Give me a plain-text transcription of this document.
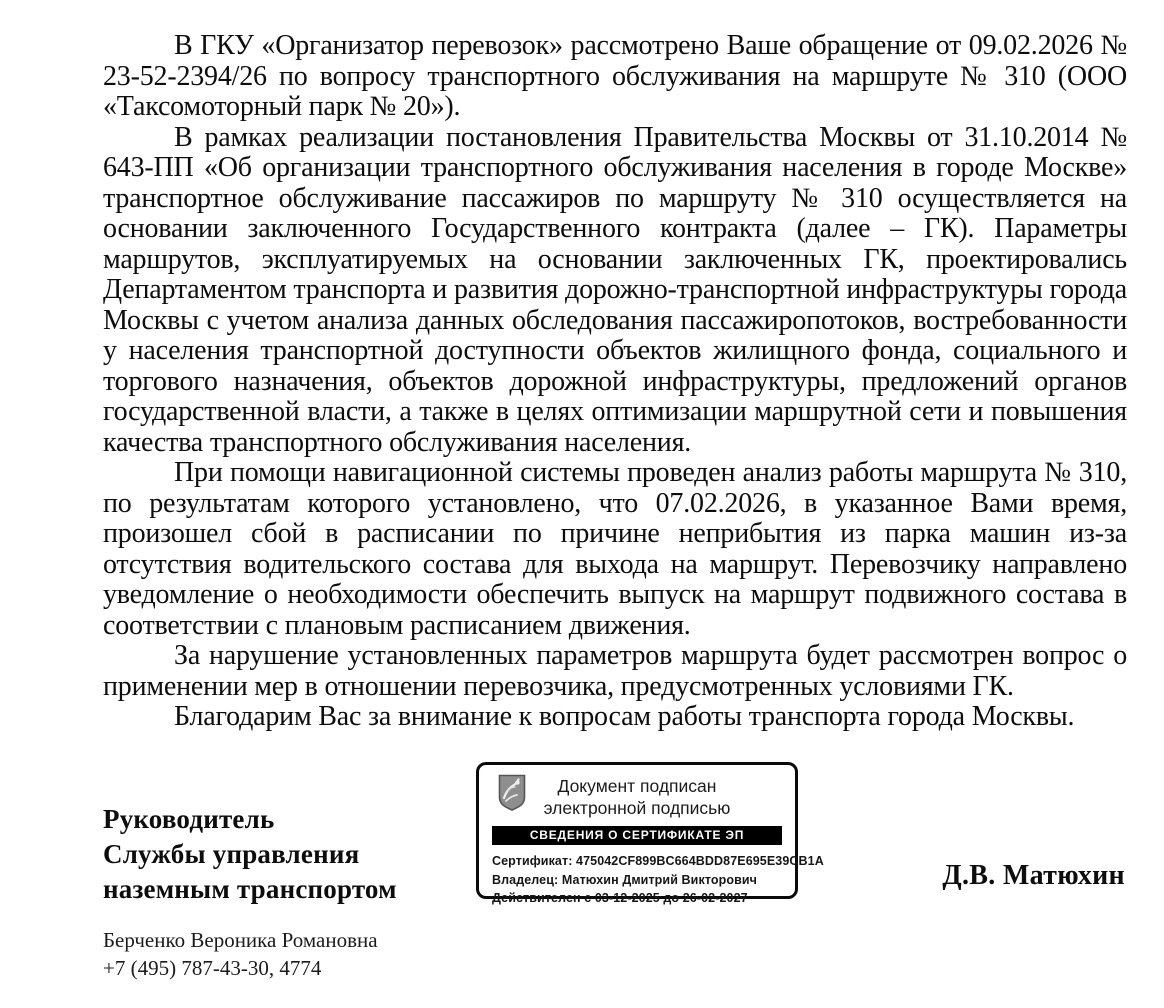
В ГКУ «Организатор перевозок» рассмотрено Ваше обращение от 09.02.2026 № 23-52-2394/26 по вопросу транспортного обслуживания на маршруте № 310 (ООО «Таксомоторный парк № 20»).

В рамках реализации постановления Правительства Москвы от 31.10.2014 № 643-ПП «Об организации транспортного обслуживания населения в городе Москве» транспортное обслуживание пассажиров по маршруту № 310 осуществляется на основании заключенного Государственного контракта (далее – ГК). Параметры маршрутов, эксплуатируемых на основании заключенных ГК, проектировались Департаментом транспорта и развития дорожно-транспортной инфраструктуры города Москвы с учетом анализа данных обследования пассажиропотоков, востребованности у населения транспортной доступности объектов жилищного фонда, социального и торгового назначения, объектов дорожной инфраструктуры, предложений органов государственной власти, а также в целях оптимизации маршрутной сети и повышения качества транспортного обслуживания населения.

При помощи навигационной системы проведен анализ работы маршрута № 310, по результатам которого установлено, что 07.02.2026, в указанное Вами время, произошел сбой в расписании по причине неприбытия из парка машин из-за отсутствия водительского состава для выхода на маршрут. Перевозчику направлено уведомление о необходимости обеспечить выпуск на маршрут подвижного состава в соответствии с плановым расписанием движения.

За нарушение установленных параметров маршрута будет рассмотрен вопрос о применении мер в отношении перевозчика, предусмотренных условиями ГК.

Благодарим Вас за внимание к вопросам работы транспорта города Москвы.

Руководитель
Службы управления
наземным транспортом
Документ подписан
электронной подписью
СВЕДЕНИЯ О СЕРТИФИКАТЕ ЭП
Сертификат: 475042CF899BC664BDD87E695E39CB1A
Владелец: Матюхин Дмитрий Викторович
Действителен с 03-12-2025 до 26-02-2027
Д.В. Матюхин
Берченко Вероника Романовна
+7 (495) 787-43-30, 4774
